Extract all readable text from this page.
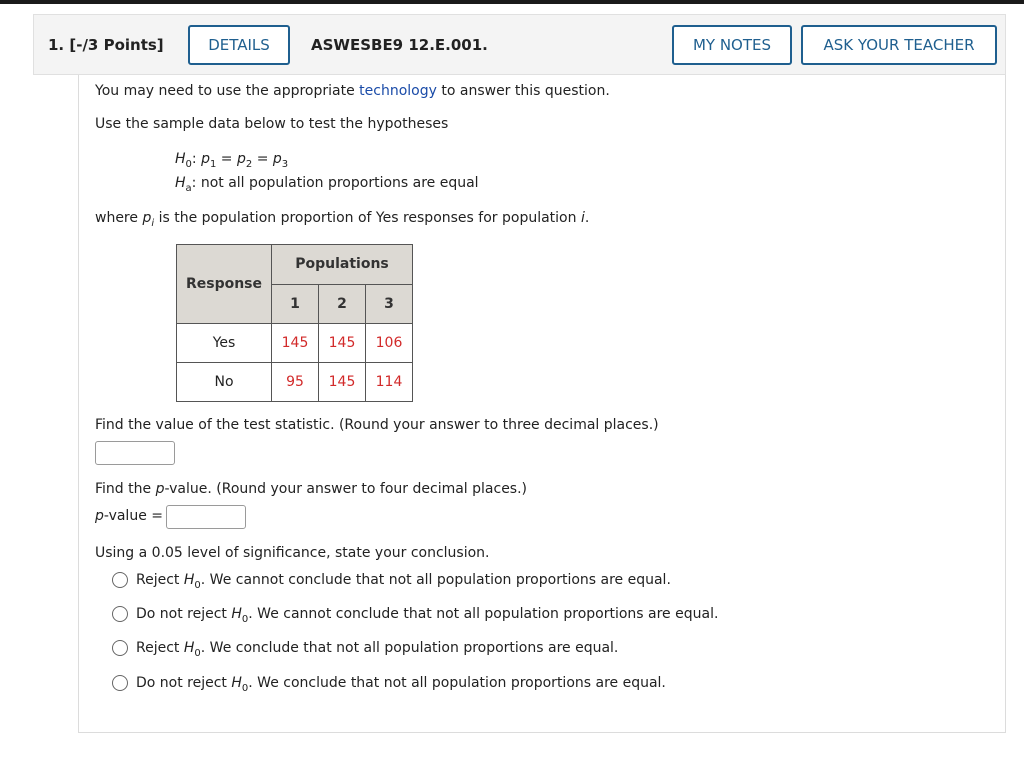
1. [-/3 Points]	DETAILS	ASWESBE9 12.E.001.	MY NOTES	ASK YOUR TEACHER
You may need to use the appropriate technology to answer this question.
Use the sample data below to test the hypotheses
$H_0$: $p_1 = p_2 = p_3$
$H_a$: not all population proportions are equal
where $p_i$ is the population proportion of Yes responses for population i.
Response	Populations		
	1	2	3
Yes	145	145	106
No	95	145	114
Find the value of the test statistic. (Round your answer to three decimal places.)
Find the p-value. (Round your answer to four decimal places.)
p-value =
Using a 0.05 level of significance, state your conclusion.
Reject $H_0$. We cannot conclude that not all population proportions are equal.
Do not reject $H_0$. We cannot conclude that not all population proportions are equal.
Reject $H_0$. We conclude that not all population proportions are equal.
Do not reject $H_0$. We conclude that not all population proportions are equal.
